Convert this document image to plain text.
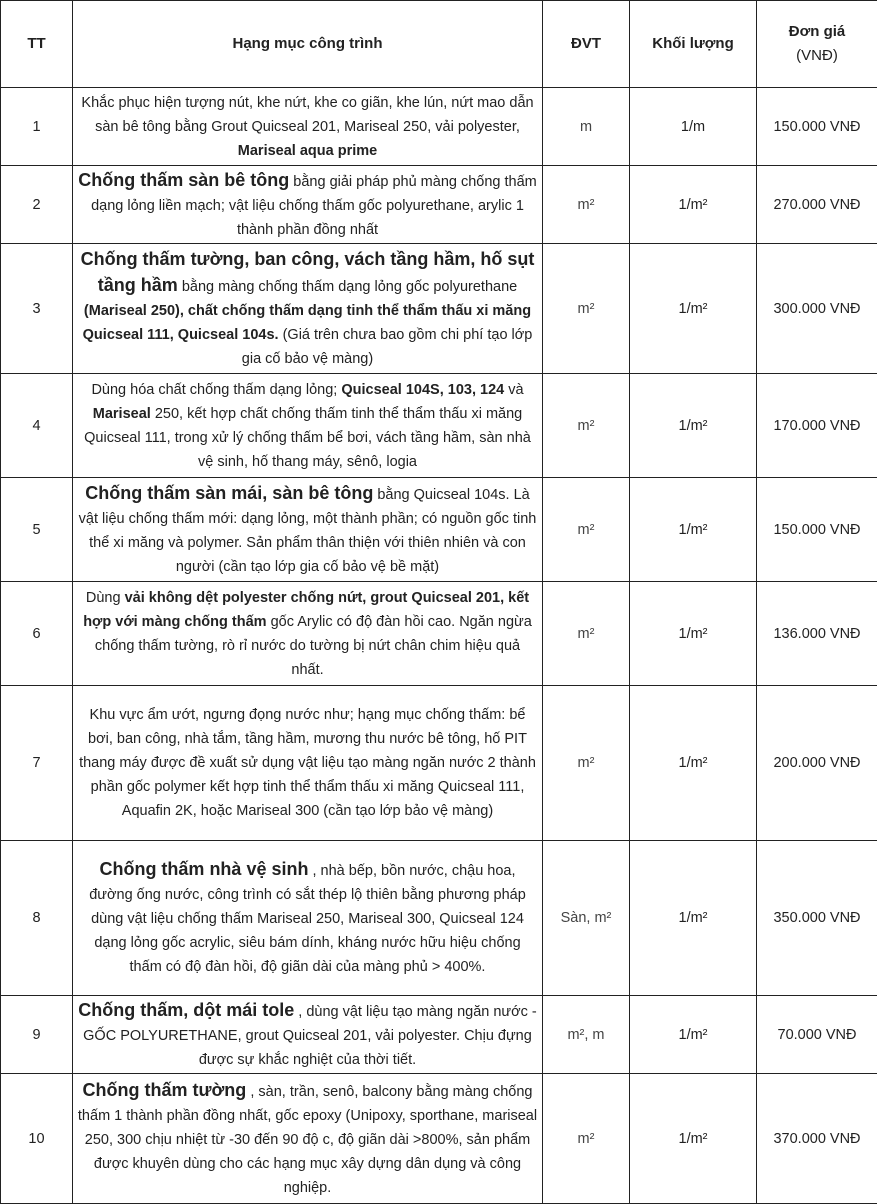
TT	Hạng mục công trình	ĐVT	Khối lượng	Đơn giá
(VNĐ)
1	Khắc phục hiện tượng nút, khe nứt, khe co giãn, khe lún, nứt mao dẫn sàn bê tông bằng Grout Quicseal 201, Mariseal 250, vải polyester, Mariseal aqua prime	m	1/m	150.000 VNĐ
2	Chống thấm sàn bê tông bằng giải pháp phủ màng chống thấm dạng lỏng liền mạch; vật liệu chống thấm gốc polyurethane, arylic 1 thành phần đồng nhất	m²	1/m²	270.000 VNĐ
3	Chống thấm tường, ban công, vách tầng hầm, hố sụt tầng hầm bằng màng chống thấm dạng lỏng gốc polyurethane (Mariseal 250), chất chống thấm dạng tinh thể thẩm thấu xi măng Quicseal 111, Quicseal 104s. (Giá trên chưa bao gồm chi phí tạo lớp gia cố bảo vệ màng)	m²	1/m²	300.000 VNĐ
4	Dùng hóa chất chống thấm dạng lỏng; Quicseal 104S, 103, 124 và Mariseal 250, kết hợp chất chống thấm tinh thể thẩm thấu xi măng Quicseal 111, trong xử lý chống thấm bể bơi, vách tầng hầm, sàn nhà vệ sinh, hố thang máy, sênô, logia	m²	1/m²	170.000 VNĐ
5	Chống thấm sàn mái, sàn bê tông bằng Quicseal 104s. Là vật liệu chống thấm mới: dạng lỏng, một thành phần; có nguồn gốc tinh thể xi măng và polymer. Sản phẩm thân thiện với thiên nhiên và con người (cần tạo lớp gia cố bảo vệ bề mặt)	m²	1/m²	150.000 VNĐ
6	Dùng vải không dệt polyester chống nứt, grout Quicseal 201, kết hợp với màng chống thấm gốc Arylic có độ đàn hồi cao. Ngăn ngừa chống thấm tường, rò rỉ nước do tường bị nứt chân chim hiệu quả nhất.	m²	1/m²	136.000 VNĐ
7	Khu vực ẩm ướt, ngưng đọng nước như; hạng mục chống thấm: bể bơi, ban công, nhà tắm, tầng hầm, mương thu nước bê tông, hố PIT thang máy được đề xuất sử dụng vật liệu tạo màng ngăn nước 2 thành phần gốc polymer kết hợp tinh thể thẩm thấu xi măng Quicseal 111, Aquafin 2K, hoặc Mariseal 300 (cần tạo lớp bảo vệ màng)	m²	1/m²	200.000 VNĐ
8	Chống thấm nhà vệ sinh , nhà bếp, bồn nước, chậu hoa, đường ống nước, công trình có sắt thép lộ thiên bằng phương pháp dùng vật liệu chống thấm Mariseal 250, Mariseal 300, Quicseal 124 dạng lỏng gốc acrylic, siêu bám dính, kháng nước hữu hiệu chống thấm có độ đàn hồi, độ giãn dài của màng phủ > 400%.	Sàn, m²	1/m²	350.000 VNĐ
9	Chống thấm, dột mái tole , dùng vật liệu tạo màng ngăn nước - GỐC POLYURETHANE, grout Quicseal 201, vải polyester. Chịu đựng được sự khắc nghiệt của thời tiết.	m², m	1/m²	70.000 VNĐ
10	Chống thấm tường , sàn, trần, senô, balcony bằng màng chống thấm 1 thành phần đồng nhất, gốc epoxy (Unipoxy, sporthane, mariseal 250, 300 chịu nhiệt từ -30 đến 90 độ c, độ giãn dài >800%, sản phẩm được khuyên dùng cho các hạng mục xây dựng dân dụng và công nghiệp.	m²	1/m²	370.000 VNĐ
